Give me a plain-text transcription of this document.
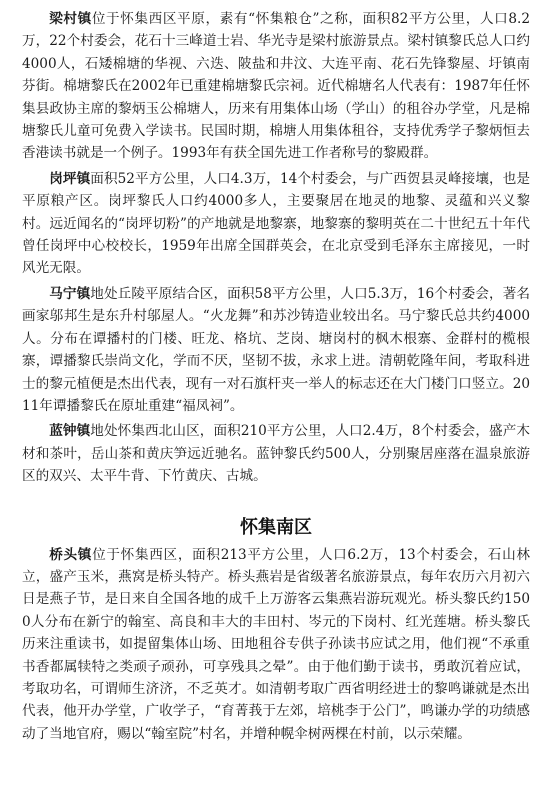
梁村镇位于怀集西区平原，素有“怀集粮仓”之称，面积82平方公里，人口8.2万，22个村委会，花石十三峰道士岩、华光寺是梁村旅游景点。梁村镇黎氏总人口约4000人，石矮棉塘的华视、六迭、陂盐和井汶、大连平南、花石先锋黎屋、圩镇南芬街。棉塘黎氏在2002年已重建棉塘黎氏宗祠。近代棉塘名人代表有：1987年任怀集县政协主席的黎炳玉公棉塘人，历来有用集体山场（学山）的租谷办学堂，凡是棉塘黎氏儿童可免费入学读书。民国时期，棉塘人用集体租谷，支持优秀学子黎炳恒去香港读书就是一个例子。1993年有获全国先进工作者称号的黎殿群。

岗坪镇面积52平方公里，人口4.3万，14个村委会，与广西贺县灵峰接壤，也是平原粮产区。岗坪黎氏人口约4000多人，主要聚居在地灵的地黎、灵蕴和兴义黎村。远近闻名的“岗坪切粉”的产地就是地黎寨，地黎寨的黎明英在二十世纪五十年代曾任岗坪中心校校长，1959年出席全国群英会，在北京受到毛泽东主席接见，一时风光无限。

马宁镇地处丘陵平原结合区，面积58平方公里，人口5.3万，16个村委会，著名画家邬邦生是东升村邬屋人。“火龙舞”和苏沙铸造业较出名。马宁黎氏总共约4000人。分布在谭播村的门楼、旺龙、格坑、芝岗、塘岗村的枫木根寨、金群村的榄根寨，谭播黎氏崇尚文化，学而不厌，坚韧不拔，永求上进。清朝乾隆年间，考取科进士的黎元植便是杰出代表，现有一对石旗杆夹一举人的标志还在大门楼门口竖立。2011年谭播黎氏在原址重建“福凤祠”。

蓝钟镇地处怀集西北山区，面积210平方公里，人口2.4万，8个村委会，盛产木材和茶叶，岳山茶和黄庆笋远近驰名。蓝钟黎氏约500人，分别聚居座落在温泉旅游区的双兴、太平牛背、下竹黄庆、古城。

怀集南区

桥头镇位于怀集西区，面积213平方公里，人口6.2万，13个村委会，石山林立，盛产玉米，燕窝是桥头特产。桥头燕岩是省级著名旅游景点，每年农历六月初六日是燕子节，是日来自全国各地的成千上万游客云集燕岩游玩观光。桥头黎氏约1500人分布在新宁的翰室、高良和丰大的丰田村、岑元的下岗村、红光莲塘。桥头黎氏历来注重读书，如提留集体山场、田地租谷专供子孙读书应试之用，他们视“不承重书香都属犊特之类顽子顽孙，可享残具之晕”。由于他们勤于读书，勇敢沉着应试，考取功名，可谓师生济济，不乏英才。如清朝考取广西省明经进士的黎鸣谦就是杰出代表，他开办学堂，广收学子，“育菁莪于左郊，培桃李于公门”，鸣谦办学的功绩感动了当地官府，赐以“翰室院”村名，并增种幌伞树两棵在村前，以示荣耀。
